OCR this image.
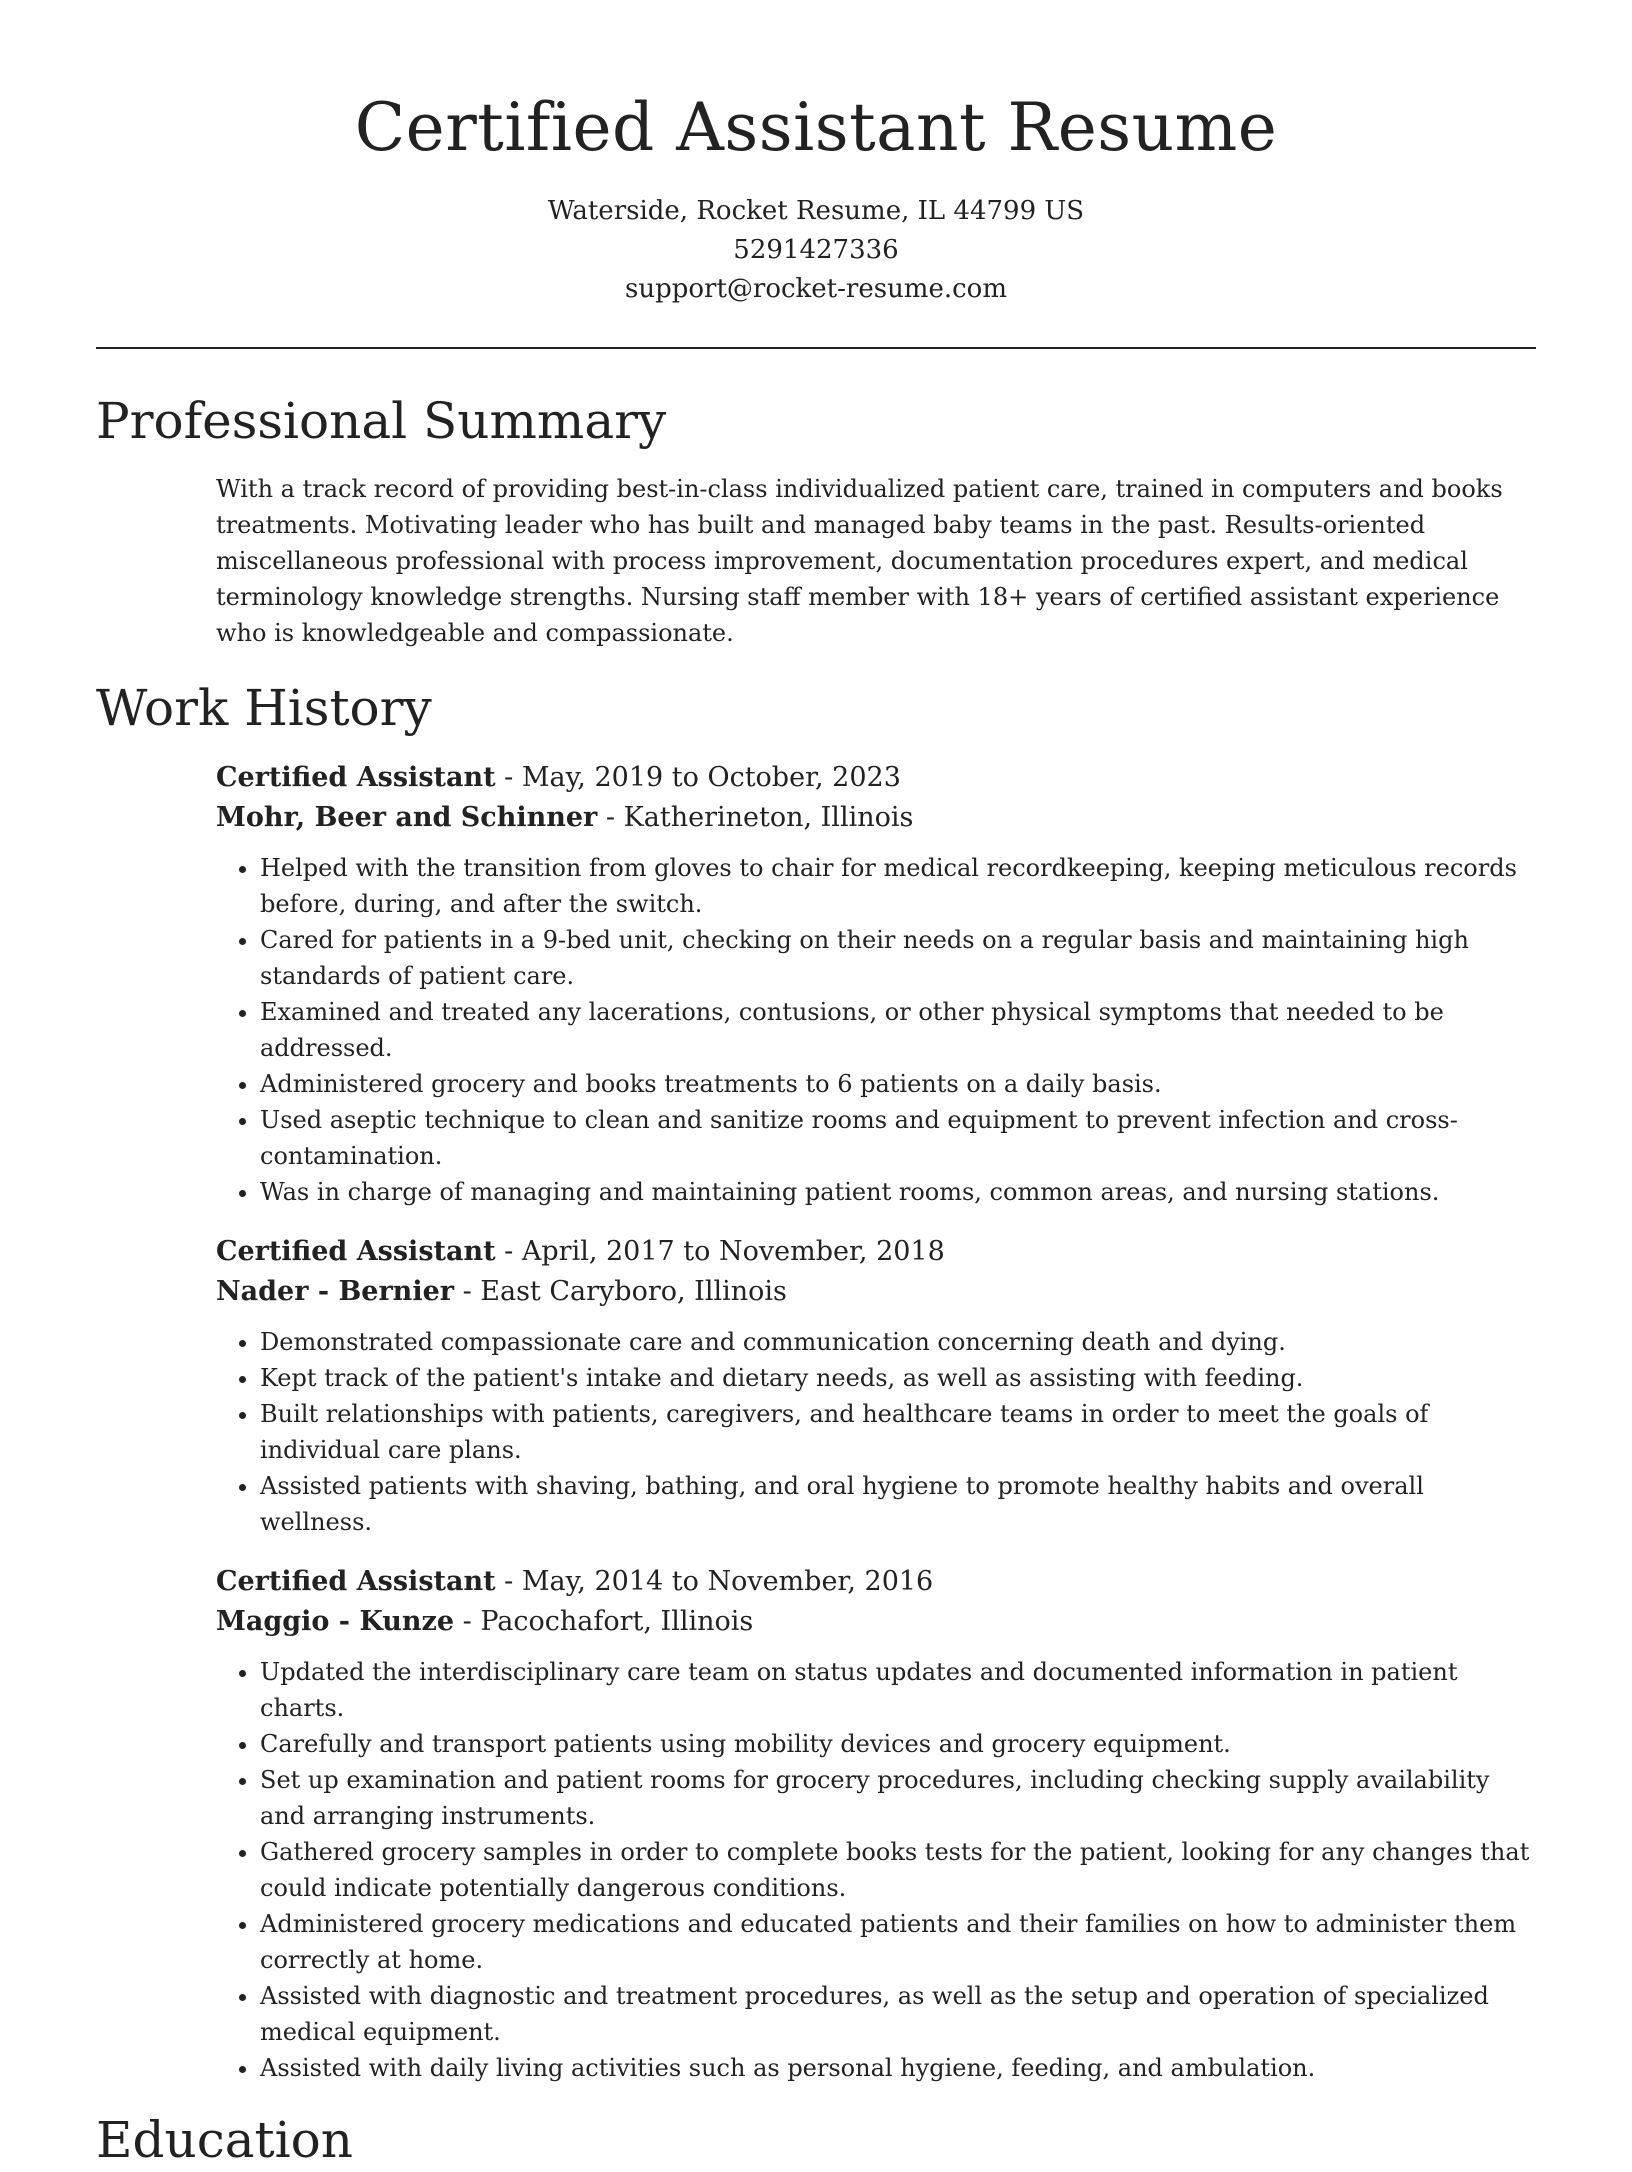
Certified Assistant Resume
Waterside, Rocket Resume, IL 44799 US
5291427336
support@rocket-resume.com
Professional Summary
With a track record of providing best-in-class individualized patient care, trained in computers and books treatments. Motivating leader who has built and managed baby teams in the past. Results-oriented miscellaneous professional with process improvement, documentation procedures expert, and medical terminology knowledge strengths. Nursing staff member with 18+ years of certified assistant experience who is knowledgeable and compassionate.
Work History
Certified Assistant - May, 2019 to October, 2023
Mohr, Beer and Schinner - Katherineton, Illinois
• Helped with the transition from gloves to chair for medical recordkeeping, keeping meticulous records before, during, and after the switch.
• Cared for patients in a 9-bed unit, checking on their needs on a regular basis and maintaining high standards of patient care.
• Examined and treated any lacerations, contusions, or other physical symptoms that needed to be addressed.
• Administered grocery and books treatments to 6 patients on a daily basis.
• Used aseptic technique to clean and sanitize rooms and equipment to prevent infection and cross-contamination.
• Was in charge of managing and maintaining patient rooms, common areas, and nursing stations.
Certified Assistant - April, 2017 to November, 2018
Nader - Bernier - East Caryboro, Illinois
• Demonstrated compassionate care and communication concerning death and dying.
• Kept track of the patient's intake and dietary needs, as well as assisting with feeding.
• Built relationships with patients, caregivers, and healthcare teams in order to meet the goals of individual care plans.
• Assisted patients with shaving, bathing, and oral hygiene to promote healthy habits and overall wellness.
Certified Assistant - May, 2014 to November, 2016
Maggio - Kunze - Pacochafort, Illinois
• Updated the interdisciplinary care team on status updates and documented information in patient charts.
• Carefully and transport patients using mobility devices and grocery equipment.
• Set up examination and patient rooms for grocery procedures, including checking supply availability and arranging instruments.
• Gathered grocery samples in order to complete books tests for the patient, looking for any changes that could indicate potentially dangerous conditions.
• Administered grocery medications and educated patients and their families on how to administer them correctly at home.
• Assisted with diagnostic and treatment procedures, as well as the setup and operation of specialized medical equipment.
• Assisted with daily living activities such as personal hygiene, feeding, and ambulation.
Education
